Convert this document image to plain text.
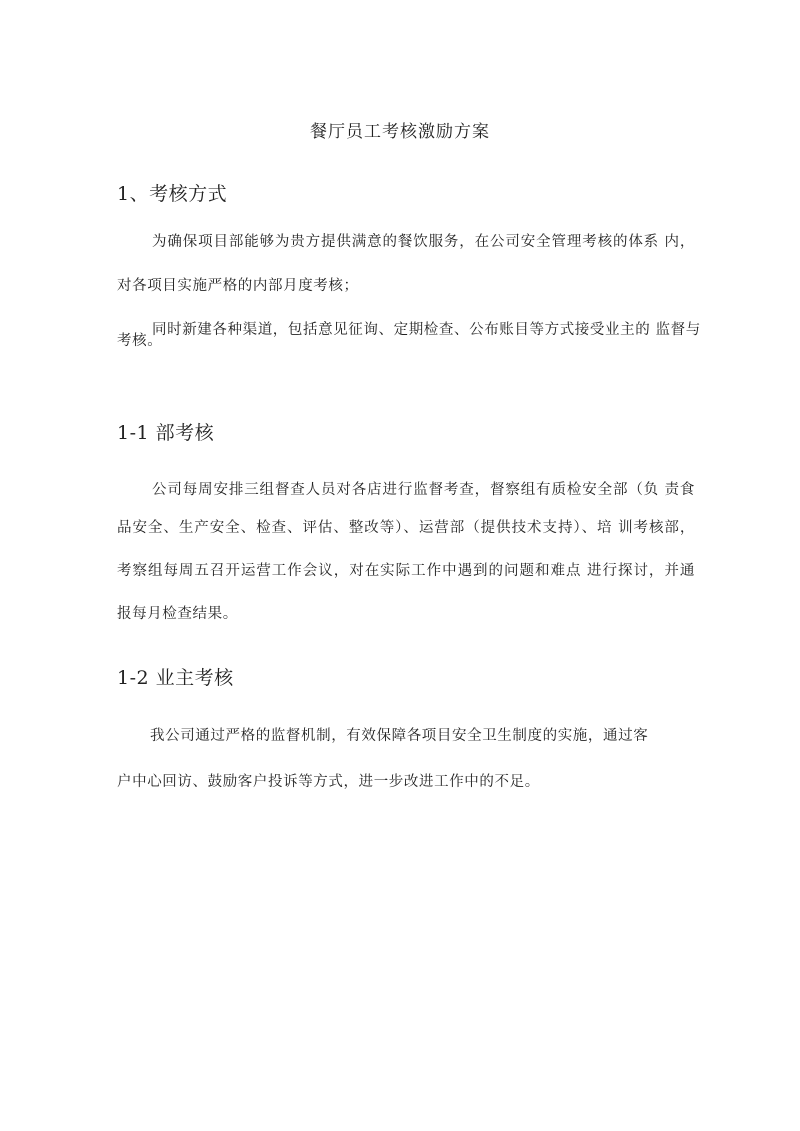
餐厅员工考核激励方案
1、考核方式
为确保项目部能够为贵方提供满意的餐饮服务，在公司安全管理考核的体系 内，
对各项目实施严格的内部月度考核；
同时新建各种渠道，包括意见征询、定期检查、公布账目等方式接受业主的 监督与
考核。
1-1 部考核
公司每周安排三组督查人员对各店进行监督考查，督察组有质检安全部（负 责食
品安全、生产安全、检查、评估、整改等）、运营部（提供技术支持）、培 训考核部，
考察组每周五召开运营工作会议，对在实际工作中遇到的问题和难点 进行探讨，并通
报每月检查结果。
1-2 业主考核
我公司通过严格的监督机制，有效保障各项目安全卫生制度的实施，通过客
户中心回访、鼓励客户投诉等方式，进一步改进工作中的不足。
